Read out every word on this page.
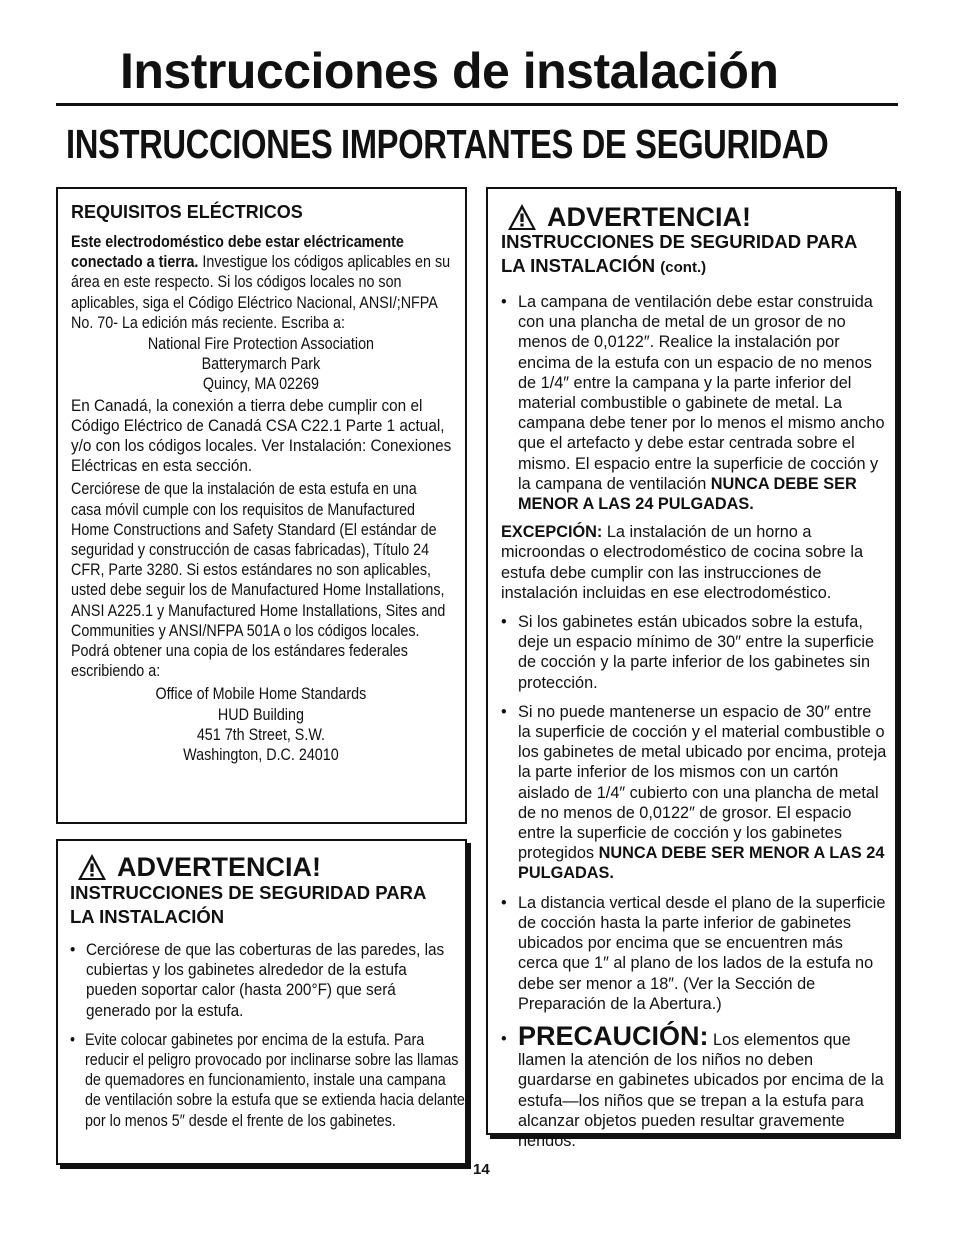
Instrucciones de instalación
INSTRUCCIONES IMPORTANTES DE SEGURIDAD
REQUISITOS ELÉCTRICOS
Este electrodoméstico debe estar eléctricamente conectado a tierra. Investigue los códigos aplicables en su área en este respecto. Si los códigos locales no son aplicables, siga el Código Eléctrico Nacional, ANSI/;NFPA No. 70- La edición más reciente. Escriba a:
National Fire Protection Association
Batterymarch Park
Quincy, MA 02269
En Canadá, la conexión a tierra debe cumplir con el Código Eléctrico de Canadá CSA C22.1 Parte 1 actual, y/o con los códigos locales. Ver Instalación: Conexiones Eléctricas en esta sección.
Cerciórese de que la instalación de esta estufa en una casa móvil cumple con los requisitos de Manufactured Home Constructions and Safety Standard (El estándar de seguridad y construcción de casas fabricadas), Título 24 CFR, Parte 3280. Si estos estándares no son aplicables, usted debe seguir los de Manufactured Home Installations, ANSI A225.1 y Manufactured Home Installations, Sites and Communities y ANSI/NFPA 501A o los códigos locales. Podrá obtener una copia de los estándares federales escribiendo a:
Office of Mobile Home Standards
HUD Building
451 7th Street, S.W.
Washington, D.C. 24010
ADVERTENCIA!
INSTRUCCIONES DE SEGURIDAD PARA LA INSTALACIÓN
• Cerciórese de que las coberturas de las paredes, las cubiertas y los gabinetes alrededor de la estufa pueden soportar calor (hasta 200°F) que será generado por la estufa.
• Evite colocar gabinetes por encima de la estufa. Para reducir el peligro provocado por inclinarse sobre las llamas de quemadores en funcionamiento, instale una campana de ventilación sobre la estufa que se extienda hacia delante por lo menos 5″ desde el frente de los gabinetes.
ADVERTENCIA!
INSTRUCCIONES DE SEGURIDAD PARA LA INSTALACIÓN (cont.)
• La campana de ventilación debe estar construida con una plancha de metal de un grosor de no menos de 0,0122″. Realice la instalación por encima de la estufa con un espacio de no menos de 1/4″ entre la campana y la parte inferior del material combustible o gabinete de metal. La campana debe tener por lo menos el mismo ancho que el artefacto y debe estar centrada sobre el mismo. El espacio entre la superficie de cocción y la campana de ventilación NUNCA DEBE SER MENOR A LAS 24 PULGADAS.
EXCEPCIÓN: La instalación de un horno a microondas o electrodoméstico de cocina sobre la estufa debe cumplir con las instrucciones de instalación incluidas en ese electrodoméstico.
• Si los gabinetes están ubicados sobre la estufa, deje un espacio mínimo de 30″ entre la superficie de cocción y la parte inferior de los gabinetes sin protección.
• Si no puede mantenerse un espacio de 30″ entre la superficie de cocción y el material combustible o los gabinetes de metal ubicado por encima, proteja la parte inferior de los mismos con un cartón aislado de 1/4″ cubierto con una plancha de metal de no menos de 0,0122″ de grosor. El espacio entre la superficie de cocción y los gabinetes protegidos NUNCA DEBE SER MENOR A LAS 24 PULGADAS.
• La distancia vertical desde el plano de la superficie de cocción hasta la parte inferior de gabinetes ubicados por encima que se encuentren más cerca que 1″ al plano de los lados de la estufa no debe ser menor a 18″. (Ver la Sección de Preparación de la Abertura.)
• PRECAUCIÓN: Los elementos que llamen la atención de los niños no deben guardarse en gabinetes ubicados por encima de la estufa—los niños que se trepan a la estufa para alcanzar objetos pueden resultar gravemente heridos.
14
